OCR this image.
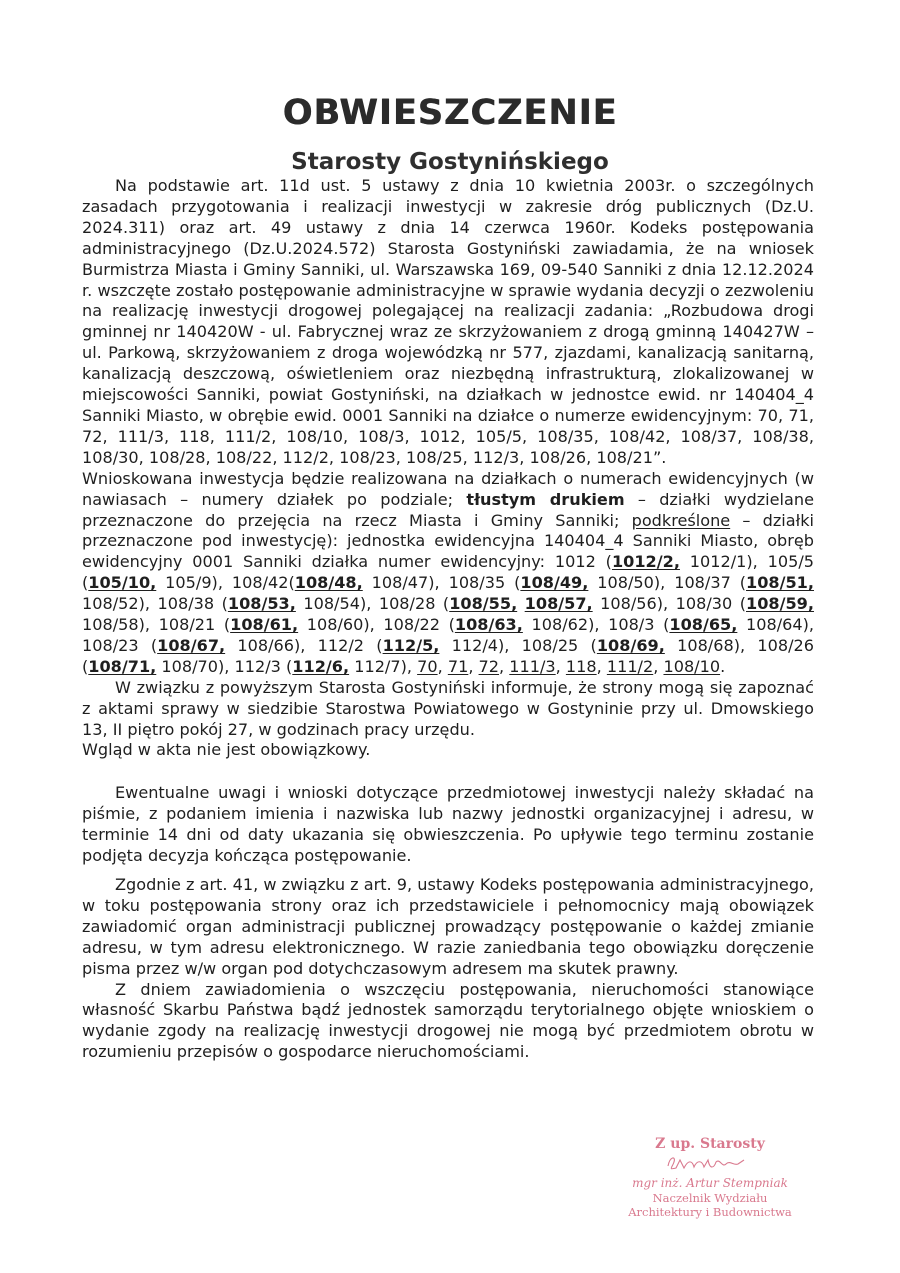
OBWIESZCZENIE
Starosty Gostynińskiego

Na podstawie art. 11d ust. 5 ustawy z dnia 10 kwietnia 2003r. o szczególnych zasadach przygotowania i realizacji inwestycji w zakresie dróg publicznych (Dz.U. 2024.311) oraz art. 49 ustawy z dnia 14 czerwca 1960r. Kodeks postępowania administracyjnego (Dz.U.2024.572) Starosta Gostyniński zawiadamia, że na wniosek Burmistrza Miasta i Gminy Sanniki, ul. Warszawska 169, 09-540 Sanniki z dnia 12.12.2024 r. wszczęte zostało postępowanie administracyjne w sprawie wydania decyzji o zezwoleniu na realizację inwestycji drogowej polegającej na realizacji zadania: „Rozbudowa drogi gminnej nr 140420W - ul. Fabrycznej wraz ze skrzyżowaniem z drogą gminną 140427W – ul. Parkową, skrzyżowaniem z droga wojewódzką nr 577, zjazdami, kanalizacją sanitarną, kanalizacją deszczową, oświetleniem oraz niezbędną infrastrukturą, zlokalizowanej w miejscowości Sanniki, powiat Gostyniński, na działkach w jednostce ewid. nr 140404_4 Sanniki Miasto, w obrębie ewid. 0001 Sanniki na działce o numerze ewidencyjnym: 70, 71, 72, 111/3, 118, 111/2, 108/10, 108/3, 1012, 105/5, 108/35, 108/42, 108/37, 108/38, 108/30, 108/28, 108/22, 112/2, 108/23, 108/25, 112/3, 108/26, 108/21”.

Wnioskowana inwestycja będzie realizowana na działkach o numerach ewidencyjnych (w nawiasach – numery działek po podziale; tłustym drukiem – działki wydzielane przeznaczone do przejęcia na rzecz Miasta i Gminy Sanniki; podkreślone – działki przeznaczone pod inwestycję): jednostka ewidencyjna 140404_4 Sanniki Miasto, obręb ewidencyjny 0001 Sanniki działka numer ewidencyjny: 1012 (1012/2, 1012/1), 105/5 (105/10, 105/9), 108/42(108/48, 108/47), 108/35 (108/49, 108/50), 108/37 (108/51, 108/52), 108/38 (108/53, 108/54), 108/28 (108/55, 108/57, 108/56), 108/30 (108/59, 108/58), 108/21 (108/61, 108/60), 108/22 (108/63, 108/62), 108/3 (108/65, 108/64), 108/23 (108/67, 108/66), 112/2 (112/5, 112/4), 108/25 (108/69, 108/68), 108/26 (108/71, 108/70), 112/3 (112/6, 112/7), 70, 71, 72, 111/3, 118, 111/2, 108/10.

W związku z powyższym Starosta Gostyniński informuje, że strony mogą się zapoznać z aktami sprawy w siedzibie Starostwa Powiatowego w Gostyninie przy ul. Dmowskiego 13, II piętro pokój 27, w godzinach pracy urzędu.

Wgląd w akta nie jest obowiązkowy.

Ewentualne uwagi i wnioski dotyczące przedmiotowej inwestycji należy składać na piśmie, z podaniem imienia i nazwiska lub nazwy jednostki organizacyjnej i adresu, w terminie 14 dni od daty ukazania się obwieszczenia. Po upływie tego terminu zostanie podjęta decyzja kończąca postępowanie.

Zgodnie z art. 41, w związku z art. 9, ustawy Kodeks postępowania administracyjnego, w toku postępowania strony oraz ich przedstawiciele i pełnomocnicy mają obowiązek zawiadomić organ administracji publicznej prowadzący postępowanie o każdej zmianie adresu, w tym adresu elektronicznego. W razie zaniedbania tego obowiązku doręczenie pisma przez w/w organ pod dotychczasowym adresem ma skutek prawny.

Z dniem zawiadomienia o wszczęciu postępowania, nieruchomości stanowiące własność Skarbu Państwa bądź jednostek samorządu terytorialnego objęte wnioskiem o wydanie zgody na realizację inwestycji drogowej nie mogą być przedmiotem obrotu w rozumieniu przepisów o gospodarce nieruchomościami.

Z up. Starosty
mgr inż. Artur Stempniak
Naczelnik Wydziału
Architektury i Budownictwa
